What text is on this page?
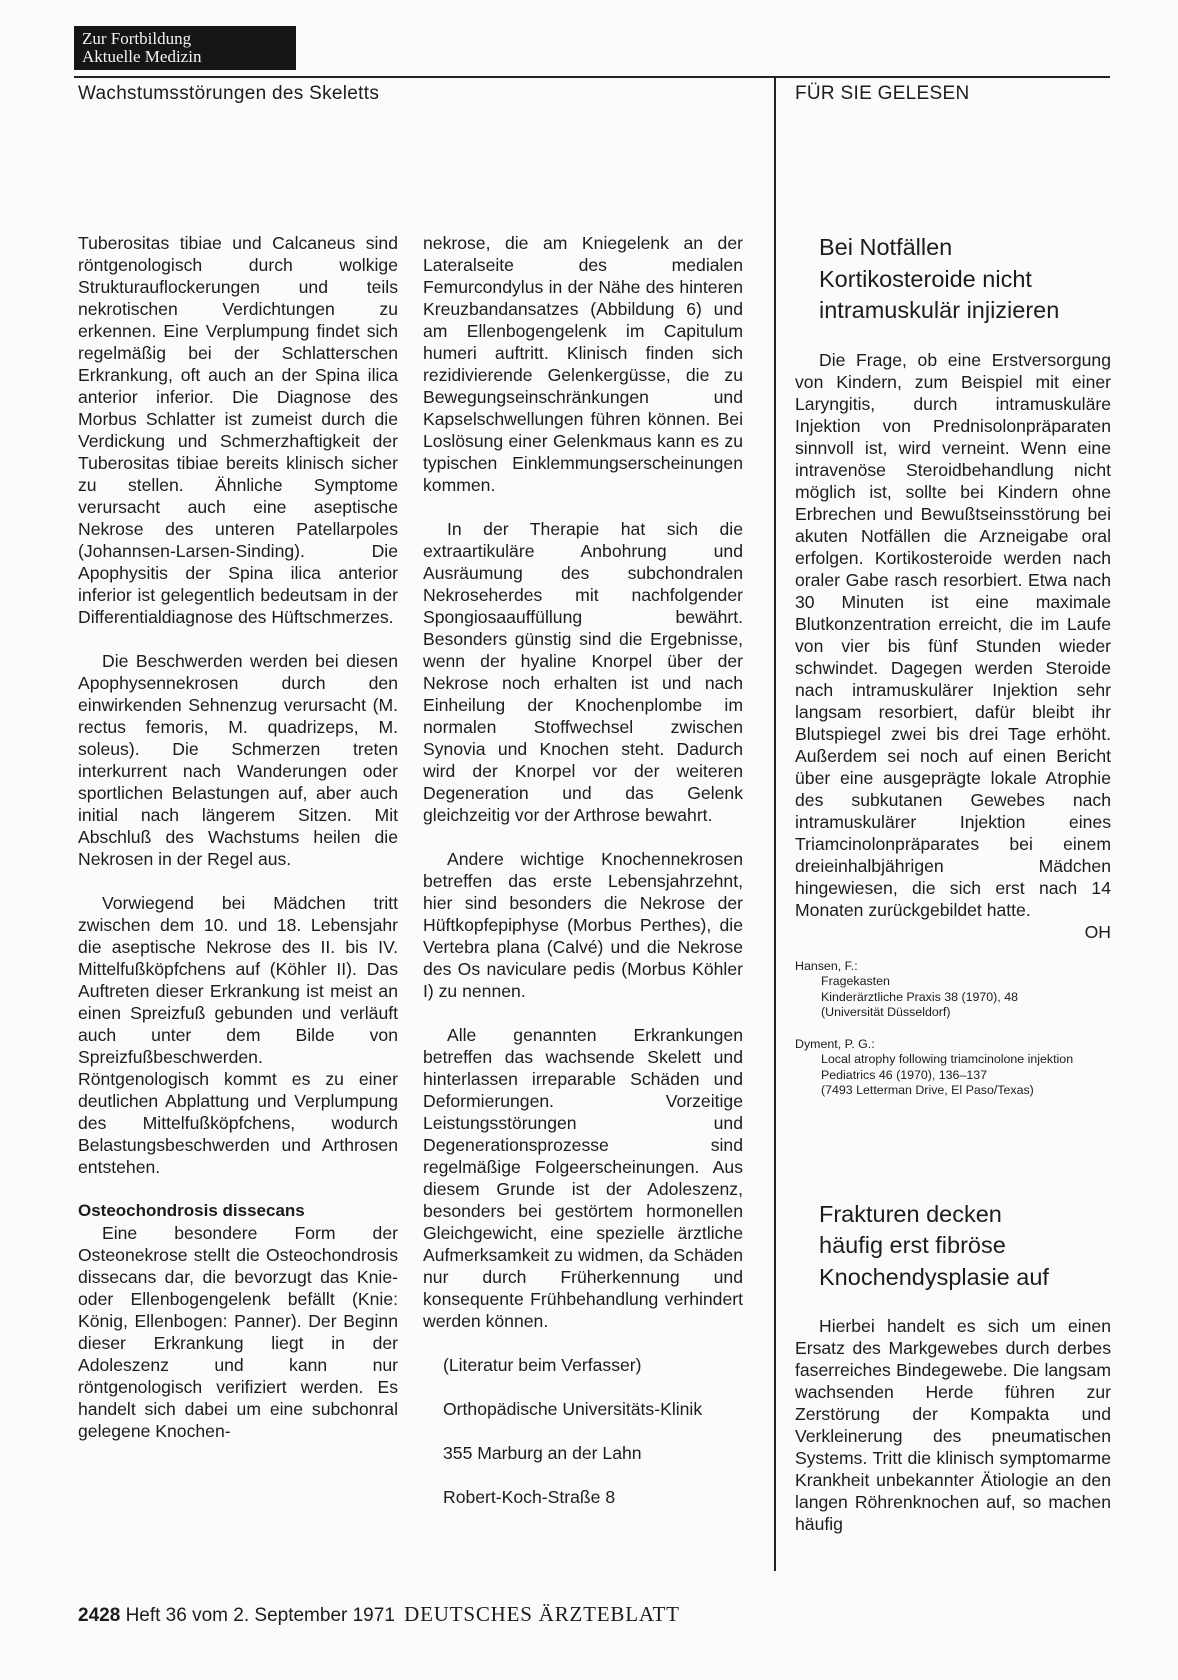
Zur Fortbildung
Aktuelle Medizin
Wachstumsstörungen des Skeletts	FÜR SIE GELESEN

Tuberositas tibiae und Calcaneus sind röntgenologisch durch wolkige Strukturauflockerungen und teils nekrotischen Verdichtungen zu erkennen. Eine Verplumpung findet sich regelmäßig bei der Schlatterschen Erkrankung, oft auch an der Spina ilica anterior inferior. Die Diagnose des Morbus Schlatter ist zumeist durch die Verdickung und Schmerzhaftigkeit der Tuberositas tibiae bereits klinisch sicher zu stellen. Ähnliche Symptome verursacht auch eine aseptische Nekrose des unteren Patellarpoles (Johannsen-Larsen-Sinding). Die Apophysitis der Spina ilica anterior inferior ist gelegentlich bedeutsam in der Differentialdiagnose des Hüftschmerzes.

Die Beschwerden werden bei diesen Apophysennekrosen durch den einwirkenden Sehnenzug verursacht (M. rectus femoris, M. quadrizeps, M. soleus). Die Schmerzen treten interkurrent nach Wanderungen oder sportlichen Belastungen auf, aber auch initial nach längerem Sitzen. Mit Abschluß des Wachstums heilen die Nekrosen in der Regel aus.

Vorwiegend bei Mädchen tritt zwischen dem 10. und 18. Lebensjahr die aseptische Nekrose des II. bis IV. Mittelfußköpfchens auf (Köhler II). Das Auftreten dieser Erkrankung ist meist an einen Spreizfuß gebunden und verläuft auch unter dem Bilde von Spreizfußbeschwerden. Röntgenologisch kommt es zu einer deutlichen Abplattung und Verplumpung des Mittelfußköpfchens, wodurch Belastungsbeschwerden und Arthrosen entstehen.

Osteochondrosis dissecans

Eine besondere Form der Osteonekrose stellt die Osteochondrosis dissecans dar, die bevorzugt das Knie- oder Ellenbogengelenk befällt (Knie: König, Ellenbogen: Panner). Der Beginn dieser Erkrankung liegt in der Adoleszenz und kann nur röntgenologisch verifiziert werden. Es handelt sich dabei um eine subchonral gelegene Knochen-

nekrose, die am Kniegelenk an der Lateralseite des medialen Femurcondylus in der Nähe des hinteren Kreuzbandansatzes (Abbildung 6) und am Ellenbogengelenk im Capitulum humeri auftritt. Klinisch finden sich rezidivierende Gelenkergüsse, die zu Bewegungseinschränkungen und Kapselschwellungen führen können. Bei Loslösung einer Gelenkmaus kann es zu typischen Einklemmungserscheinungen kommen.

In der Therapie hat sich die extraartikuläre Anbohrung und Ausräumung des subchondralen Nekroseherdes mit nachfolgender Spongiosaauffüllung bewährt. Besonders günstig sind die Ergebnisse, wenn der hyaline Knorpel über der Nekrose noch erhalten ist und nach Einheilung der Knochenplombe im normalen Stoffwechsel zwischen Synovia und Knochen steht. Dadurch wird der Knorpel vor der weiteren Degeneration und das Gelenk gleichzeitig vor der Arthrose bewahrt.

Andere wichtige Knochennekrosen betreffen das erste Lebensjahrzehnt, hier sind besonders die Nekrose der Hüftkopfepiphyse (Morbus Perthes), die Vertebra plana (Calvé) und die Nekrose des Os naviculare pedis (Morbus Köhler I) zu nennen.

Alle genannten Erkrankungen betreffen das wachsende Skelett und hinterlassen irreparable Schäden und Deformierungen. Vorzeitige Leistungsstörungen und Degenerationsprozesse sind regelmäßige Folgeerscheinungen. Aus diesem Grunde ist der Adoleszenz, besonders bei gestörtem hormonellen Gleichgewicht, eine spezielle ärztliche Aufmerksamkeit zu widmen, da Schäden nur durch Früherkennung und konsequente Frühbehandlung verhindert werden können.

(Literatur beim Verfasser)

Orthopädische Universitäts-Klinik

355 Marburg an der Lahn

Robert-Koch-Straße 8

Bei Notfällen
Kortikosteroide nicht
intramuskulär injizieren

Die Frage, ob eine Erstversorgung von Kindern, zum Beispiel mit einer Laryngitis, durch intramuskuläre Injektion von Prednisolonpräparaten sinnvoll ist, wird verneint. Wenn eine intravenöse Steroidbehandlung nicht möglich ist, sollte bei Kindern ohne Erbrechen und Bewußtseinsstörung bei akuten Notfällen die Arzneigabe oral erfolgen. Kortikosteroide werden nach oraler Gabe rasch resorbiert. Etwa nach 30 Minuten ist eine maximale Blutkonzentration erreicht, die im Laufe von vier bis fünf Stunden wieder schwindet. Dagegen werden Steroide nach intramuskulärer Injektion sehr langsam resorbiert, dafür bleibt ihr Blutspiegel zwei bis drei Tage erhöht. Außerdem sei noch auf einen Bericht über eine ausgeprägte lokale Atrophie des subkutanen Gewebes nach intramuskulärer Injektion eines Triamcinolonpräparates bei einem dreieinhalbjährigen Mädchen hingewiesen, die sich erst nach 14 Monaten zurückgebildet hatte.

OH
Hansen, F.:
Fragekasten
Kinderärztliche Praxis 38 (1970), 48
(Universität Düsseldorf)
Dyment, P. G.:
Local atrophy following triamcinolone injektion
Pediatrics 46 (1970), 136–137
(7493 Letterman Drive, El Paso/Texas)
Frakturen decken
häufig erst fibröse
Knochendysplasie auf

Hierbei handelt es sich um einen Ersatz des Markgewebes durch derbes faserreiches Bindegewebe. Die langsam wachsenden Herde führen zur Zerstörung der Kompakta und Verkleinerung des pneumatischen Systems. Tritt die klinisch symptomarme Krankheit unbekannter Ätiologie an den langen Röhrenknochen auf, so machen häufig

2428 Heft 36 vom 2. September 1971 DEUTSCHES ÄRZTEBLATT
